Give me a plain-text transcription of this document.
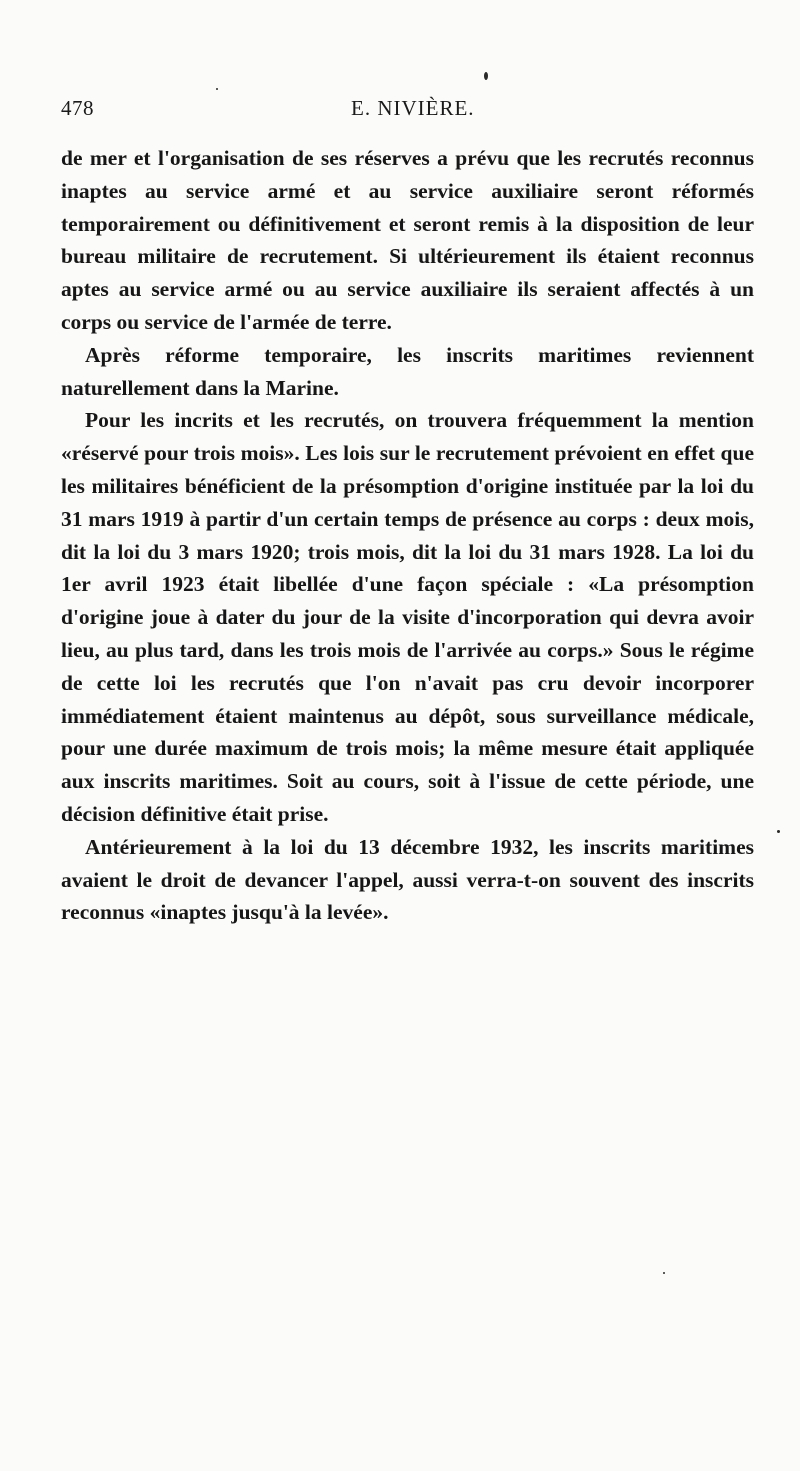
478	E. NIVIÈRE.

de mer et l'organisation de ses réserves a prévu que les recrutés reconnus inaptes au service armé et au service auxiliaire seront réformés temporairement ou définitivement et seront remis à la disposition de leur bureau militaire de recrutement. Si ultérieurement ils étaient reconnus aptes au service armé ou au service auxiliaire ils seraient affectés à un corps ou service de l'armée de terre.

Après réforme temporaire, les inscrits maritimes reviennent naturellement dans la Marine.

Pour les incrits et les recrutés, on trouvera fréquemment la mention «réservé pour trois mois». Les lois sur le recrutement prévoient en effet que les militaires bénéficient de la présomption d'origine instituée par la loi du 31 mars 1919 à partir d'un certain temps de présence au corps : deux mois, dit la loi du 3 mars 1920; trois mois, dit la loi du 31 mars 1928. La loi du 1er avril 1923 était libellée d'une façon spéciale : «La présomption d'origine joue à dater du jour de la visite d'incorporation qui devra avoir lieu, au plus tard, dans les trois mois de l'arrivée au corps.» Sous le régime de cette loi les recrutés que l'on n'avait pas cru devoir incorporer immédiatement étaient maintenus au dépôt, sous surveillance médicale, pour une durée maximum de trois mois; la même mesure était appliquée aux inscrits maritimes. Soit au cours, soit à l'issue de cette période, une décision définitive était prise.

Antérieurement à la loi du 13 décembre 1932, les inscrits maritimes avaient le droit de devancer l'appel, aussi verra-t-on souvent des inscrits reconnus «inaptes jusqu'à la levée».
